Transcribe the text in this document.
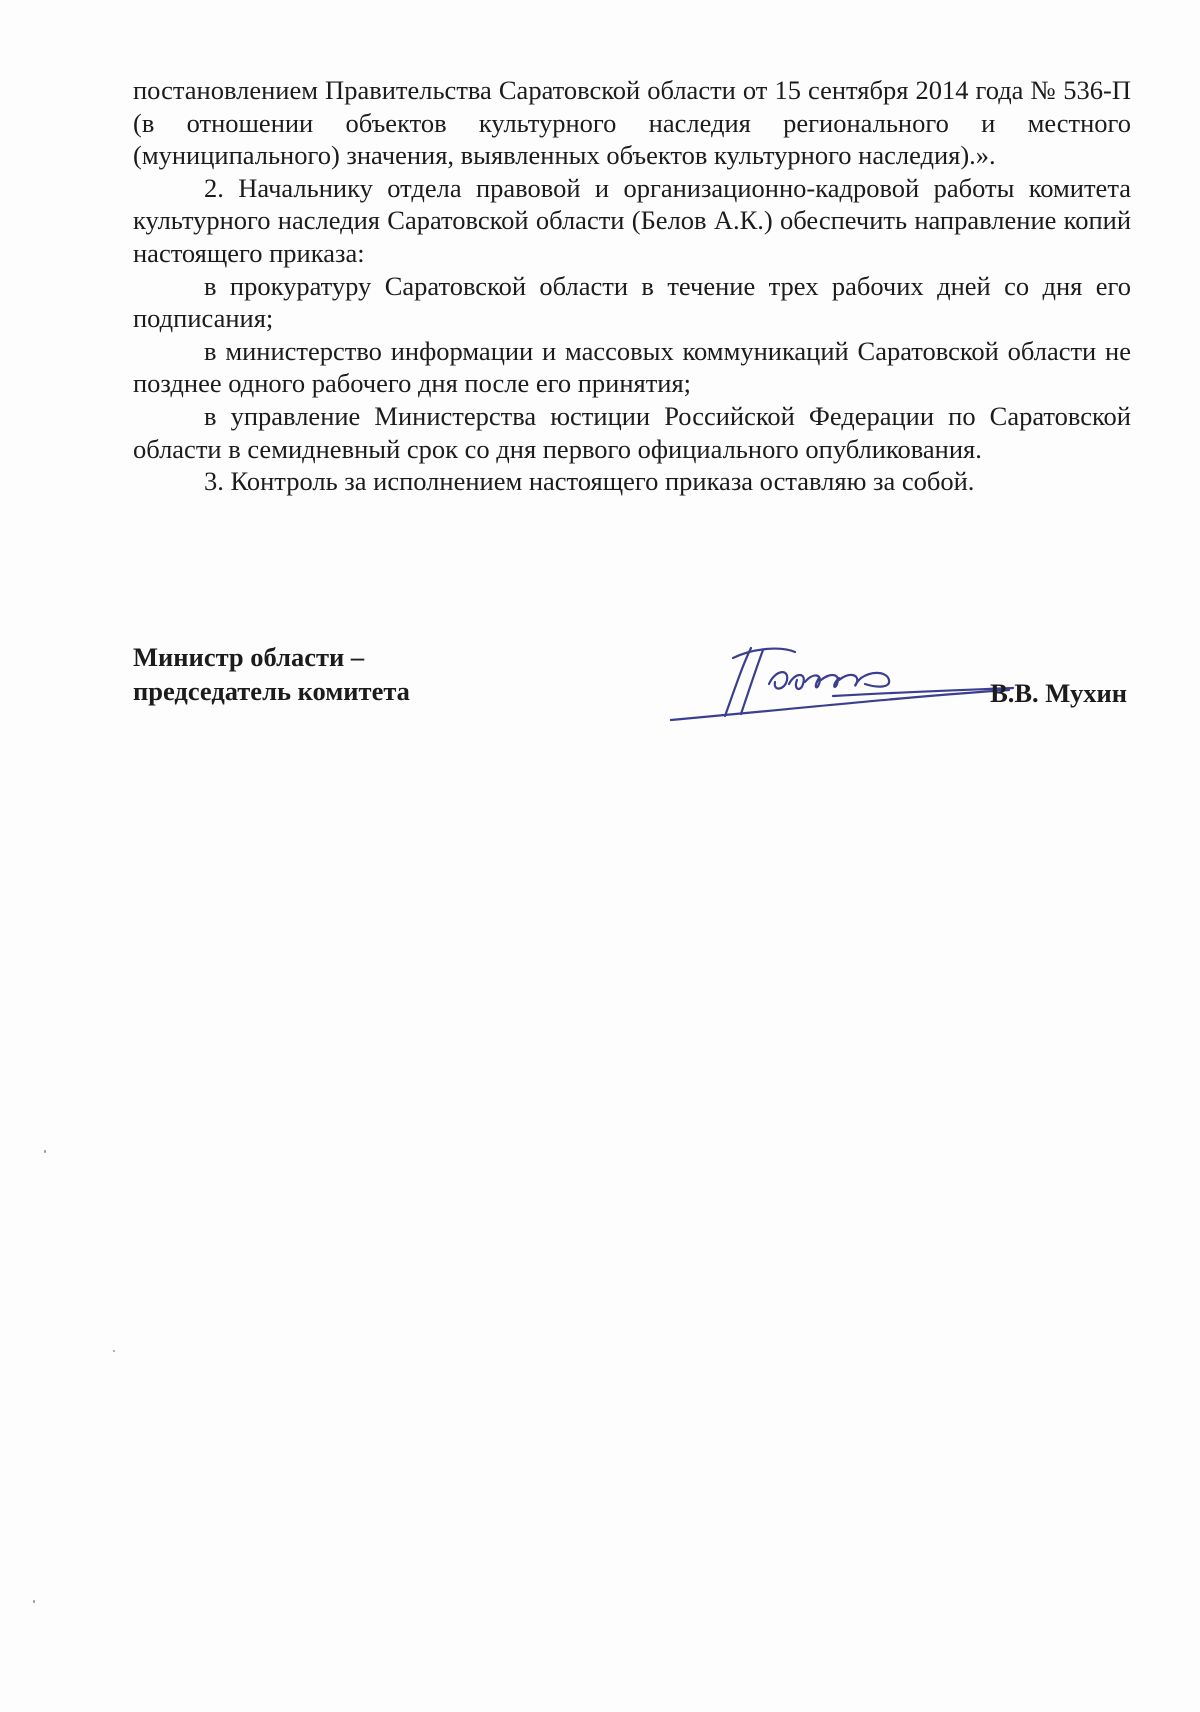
постановлением Правительства Саратовской области от 15 сентября 2014 года № 536-П (в отношении объектов культурного наследия регионального и местного (муниципального) значения, выявленных объектов культурного наследия).».

2. Начальнику отдела правовой и организационно-кадровой работы комитета культурного наследия Саратовской области (Белов А.К.) обеспечить направление копий настоящего приказа:

в прокуратуру Саратовской области в течение трех рабочих дней со дня его подписания;

в министерство информации и массовых коммуникаций Саратовской области не позднее одного рабочего дня после его принятия;

в управление Министерства юстиции Российской Федерации по Саратовской области в семидневный срок со дня первого официального опубликования.

3. Контроль за исполнением настоящего приказа оставляю за собой.

Министр области –
председатель комитета	В.В. Мухин
